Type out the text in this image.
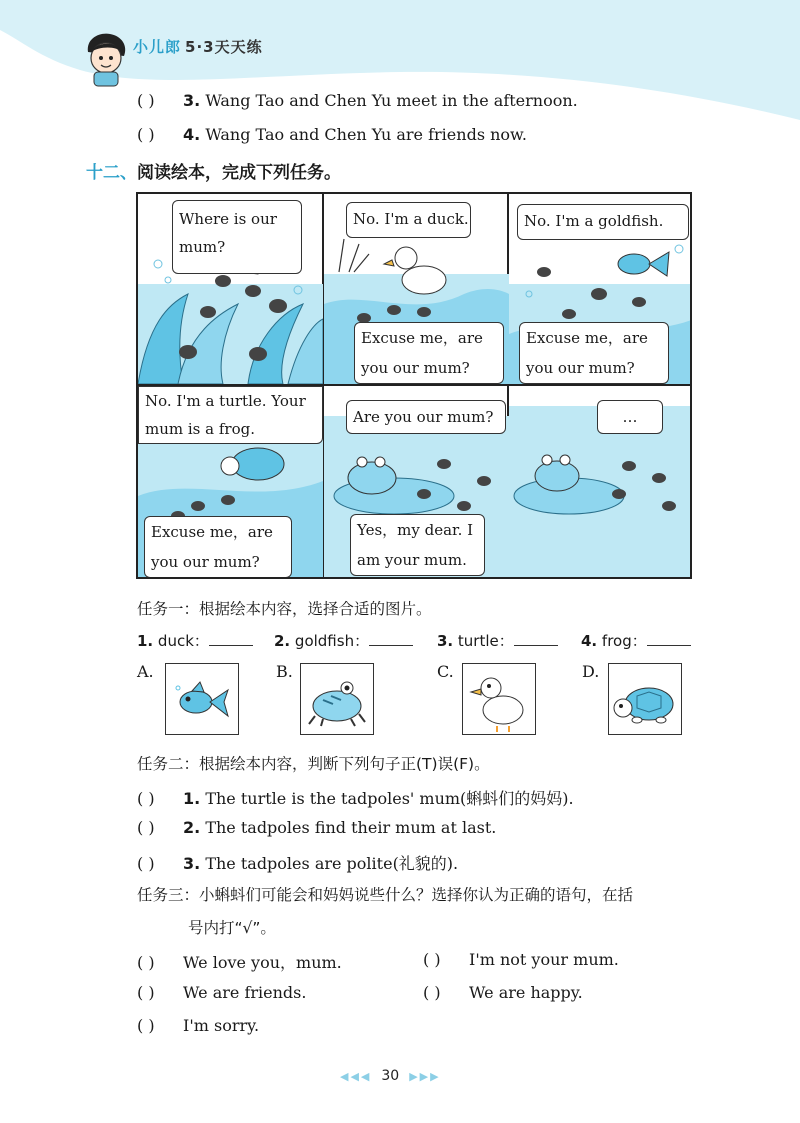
小儿郎 5·3天天练
( ) 3. Wang Tao and Chen Yu meet in the afternoon.
( ) 4. Wang Tao and Chen Yu are friends now.
十二、阅读绘本，完成下列任务。
Where is our
mum?
No. I'm a duck.
Excuse me，are
you our mum?
No. I'm a goldfish.
Excuse me，are
you our mum?
No. I'm a turtle. Your
mum is a frog.
Excuse me，are
you our mum?
Are you our mum?
Yes，my dear. I
am your mum.
…
任务一：根据绘本内容，选择合适的图片。
1. duck：	2. goldfish：	3. turtle：	4. frog：
A.	B.	C.	D.
任务二：根据绘本内容，判断下列句子正(T)误(F)。
( ) 1. The turtle is the tadpoles' mum(蝌蚪们的妈妈).
( ) 2. The tadpoles find their mum at last.
( ) 3. The tadpoles are polite(礼貌的).
任务三：小蝌蚪们可能会和妈妈说些什么？选择你认为正确的语句，在括
号内打“√”。
( ) We love you，mum.	( ) I'm not your mum.
( ) We are friends.	( ) We are happy.
( ) I'm sorry.
◀◀◀ 30 ▶▶▶
